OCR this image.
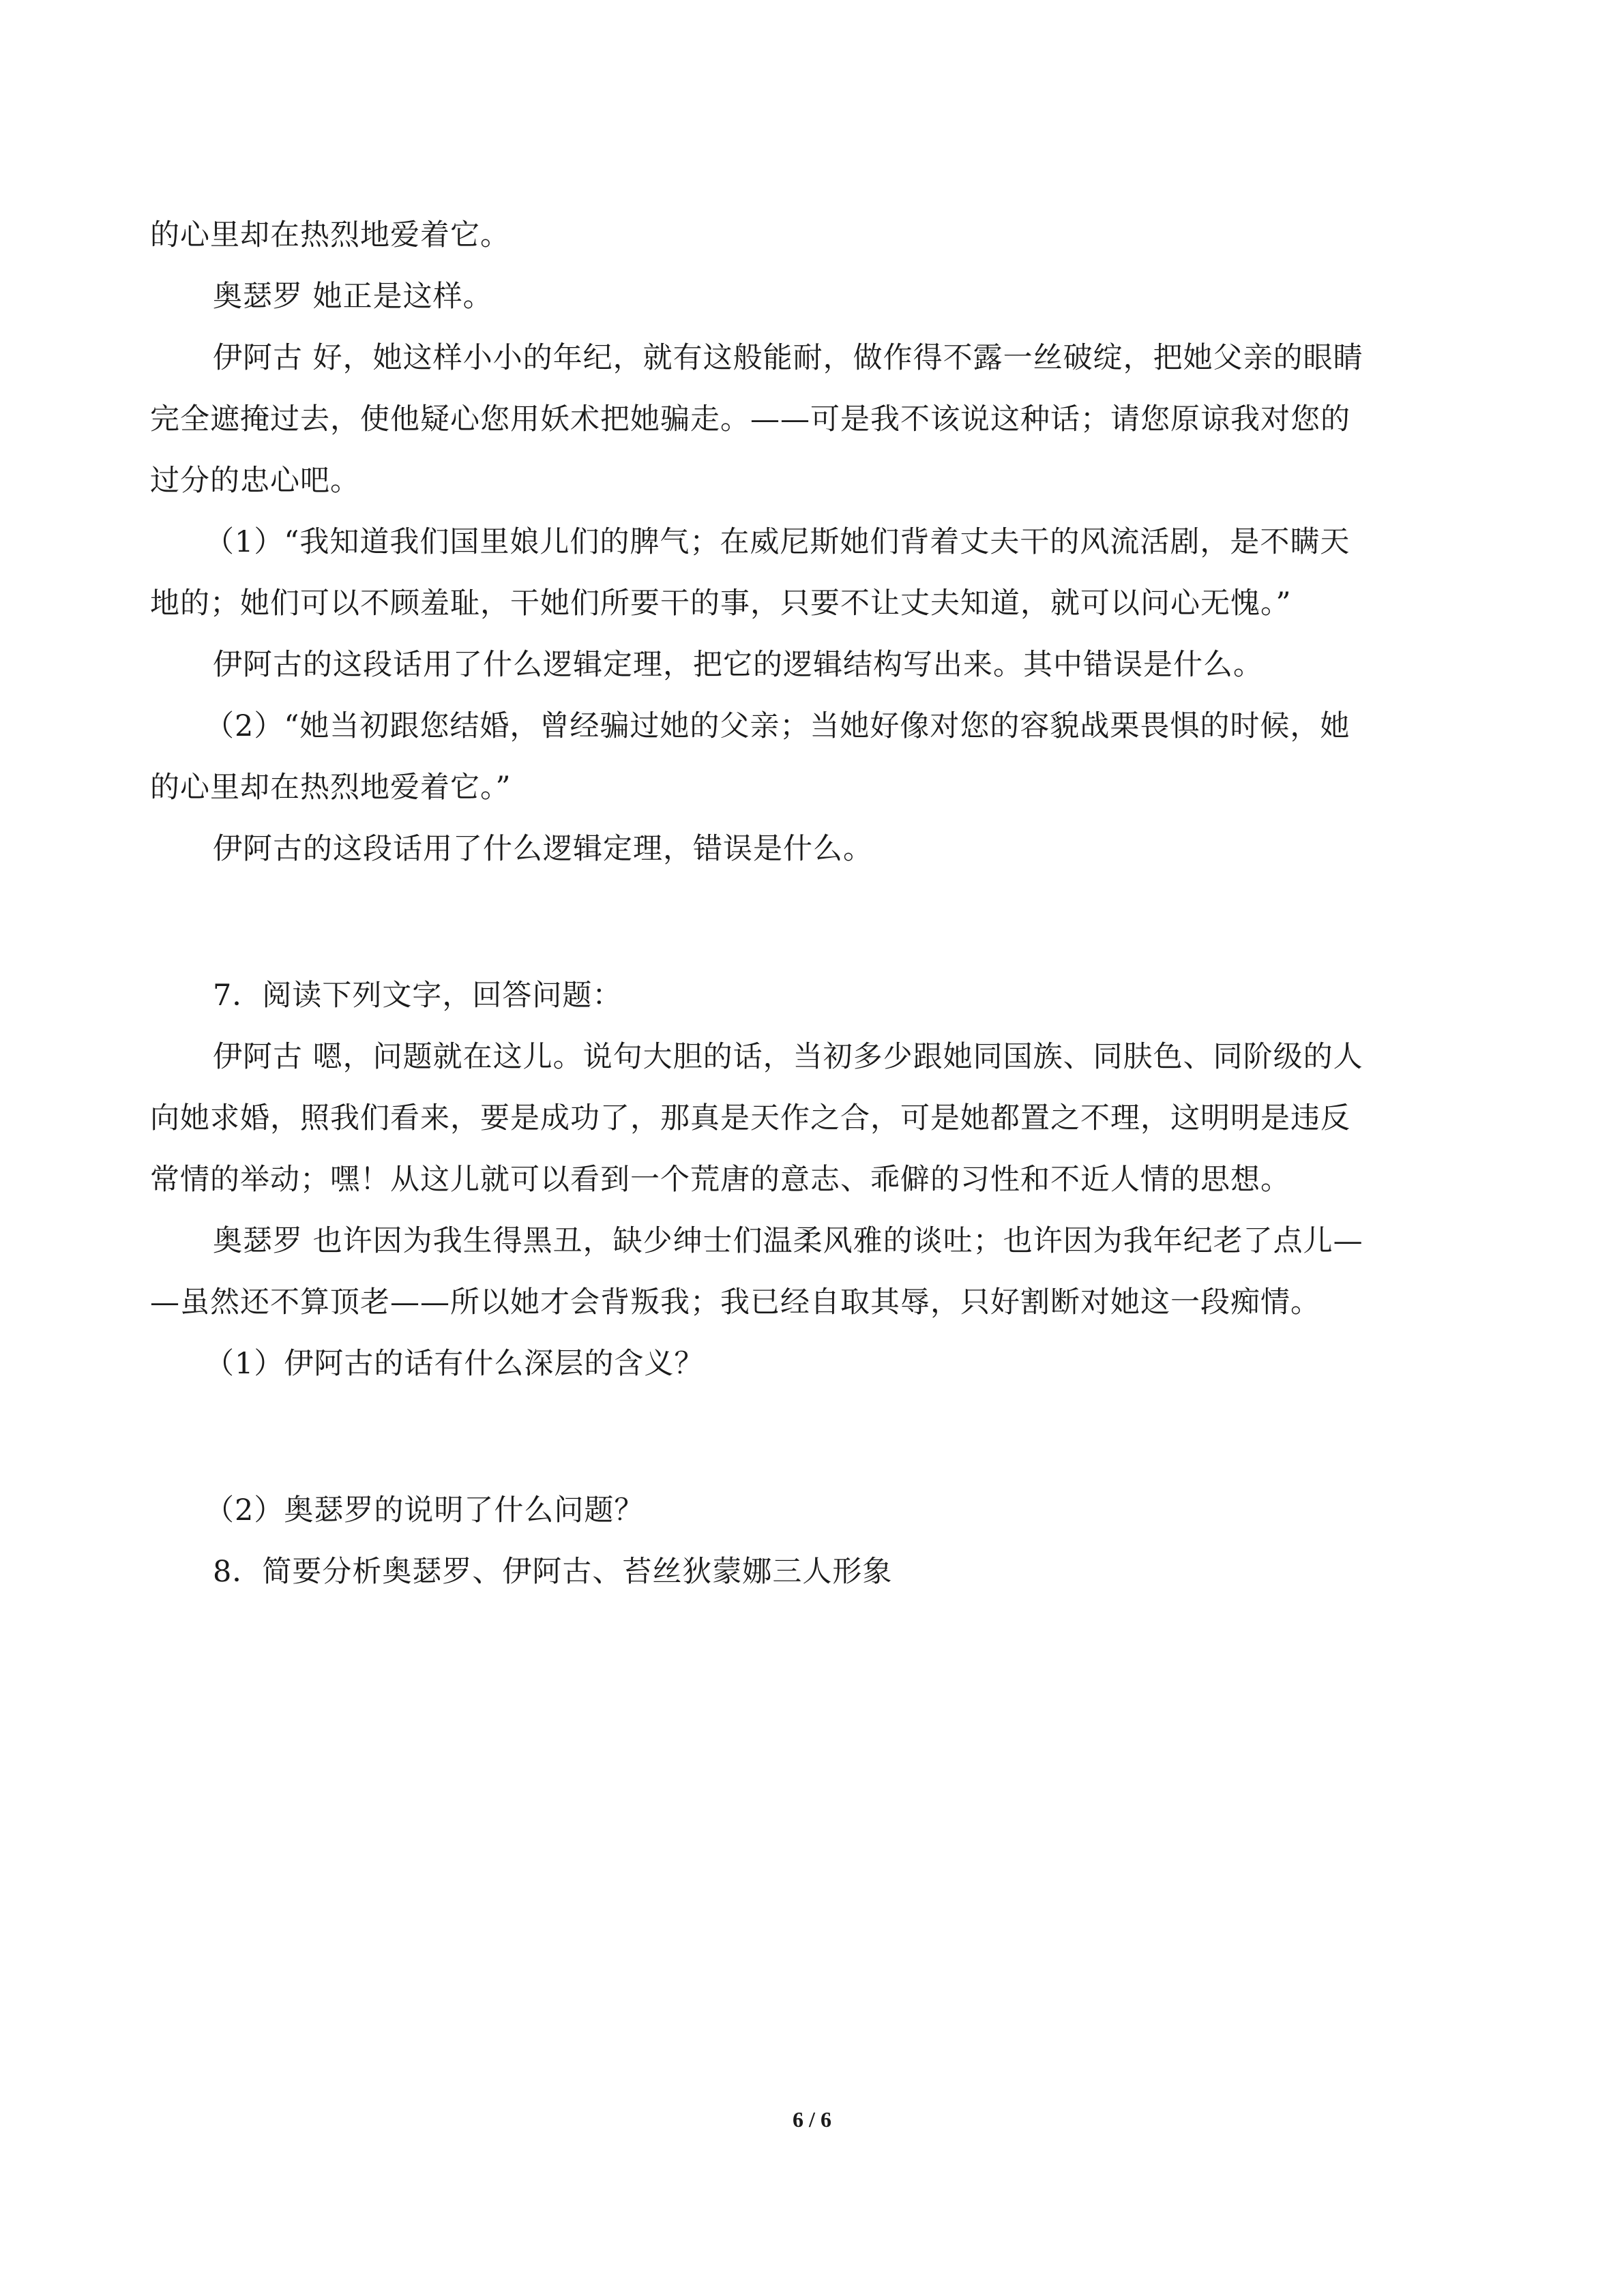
的心里却在热烈地爱着它。
奥瑟罗 她正是这样。
伊阿古 好，她这样小小的年纪，就有这般能耐，做作得不露一丝破绽，把她父亲的眼睛
完全遮掩过去，使他疑心您用妖术把她骗走。——可是我不该说这种话；请您原谅我对您的
过分的忠心吧。
（1）“我知道我们国里娘儿们的脾气；在威尼斯她们背着丈夫干的风流活剧，是不瞒天
地的；她们可以不顾羞耻，干她们所要干的事，只要不让丈夫知道，就可以问心无愧。”
伊阿古的这段话用了什么逻辑定理，把它的逻辑结构写出来。其中错误是什么。
（2）“她当初跟您结婚，曾经骗过她的父亲；当她好像对您的容貌战栗畏惧的时候，她
的心里却在热烈地爱着它。”
伊阿古的这段话用了什么逻辑定理，错误是什么。
7．阅读下列文字，回答问题：
伊阿古 嗯，问题就在这儿。说句大胆的话，当初多少跟她同国族、同肤色、同阶级的人
向她求婚，照我们看来，要是成功了，那真是天作之合，可是她都置之不理，这明明是违反
常情的举动；嘿！从这儿就可以看到一个荒唐的意志、乖僻的习性和不近人情的思想。
奥瑟罗 也许因为我生得黑丑，缺少绅士们温柔风雅的谈吐；也许因为我年纪老了点儿—
—虽然还不算顶老——所以她才会背叛我；我已经自取其辱，只好割断对她这一段痴情。
（1）伊阿古的话有什么深层的含义？
（2）奥瑟罗的说明了什么问题？
8．简要分析奥瑟罗、伊阿古、苔丝狄蒙娜三人形象
6 / 6
